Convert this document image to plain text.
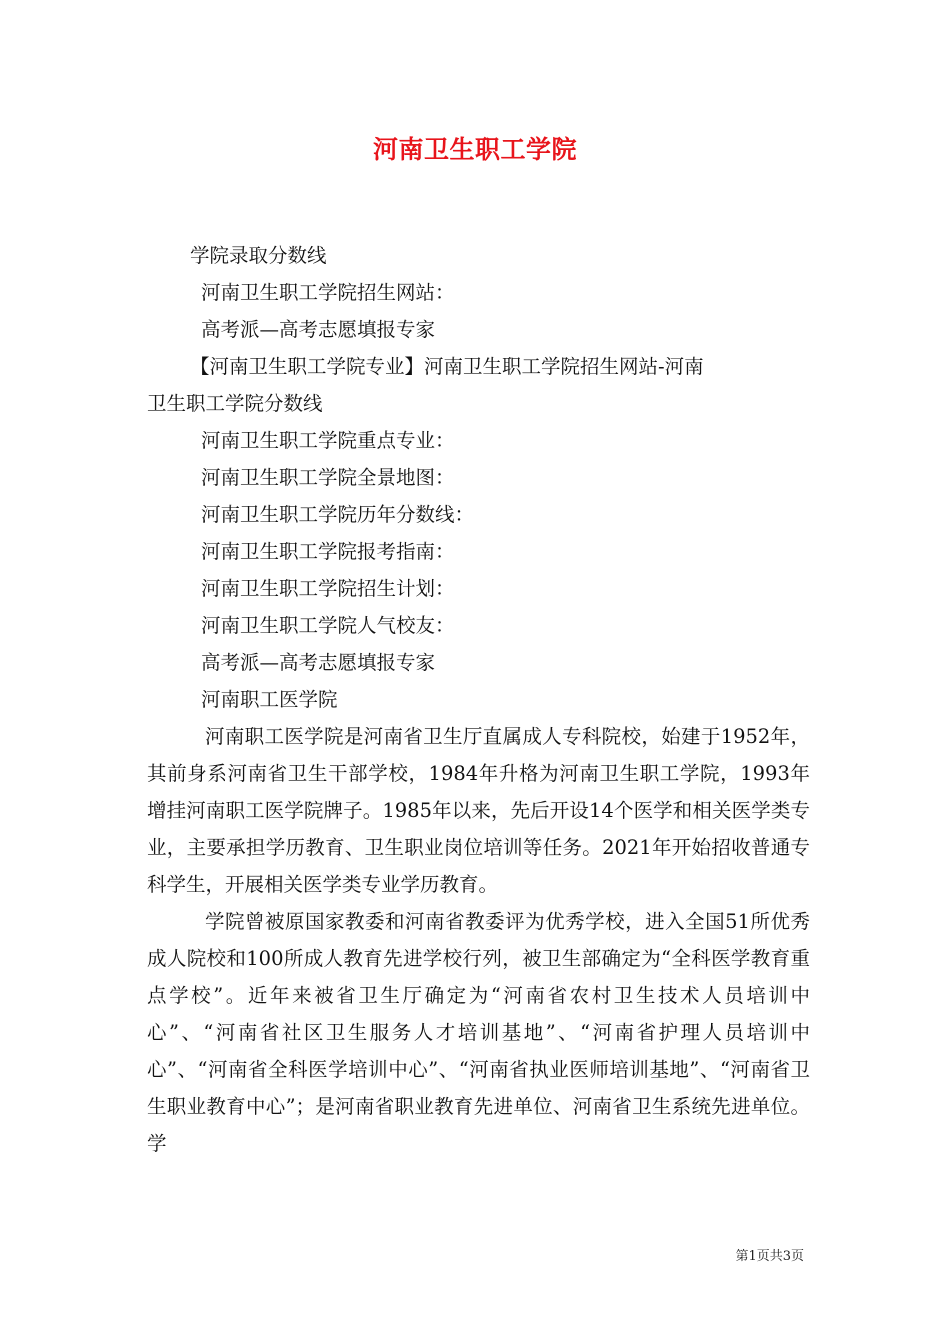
河南卫生职工学院

学院录取分数线

河南卫生职工学院招生网站：

高考派—高考志愿填报专家

【河南卫生职工学院专业】河南卫生职工学院招生网站-河南

卫生职工学院分数线

河南卫生职工学院重点专业：

河南卫生职工学院全景地图：

河南卫生职工学院历年分数线：

河南卫生职工学院报考指南：

河南卫生职工学院招生计划：

河南卫生职工学院人气校友：

高考派—高考志愿填报专家

河南职工医学院

河南职工医学院是河南省卫生厅直属成人专科院校，始建于1952年，其前身系河南省卫生干部学校，1984年升格为河南卫生职工学院，1993年增挂河南职工医学院牌子。1985年以来，先后开设14个医学和相关医学类专业，主要承担学历教育、卫生职业岗位培训等任务。2021年开始招收普通专科学生，开展相关医学类专业学历教育。

学院曾被原国家教委和河南省教委评为优秀学校，进入全国51所优秀成人院校和100所成人教育先进学校行列，被卫生部确定为“全科医学教育重点学校”。近年来被省卫生厅确定为“河南省农村卫生技术人员培训中心”、“河南省社区卫生服务人才培训基地”、“河南省护理人员培训中心”、“河南省全科医学培训中心”、“河南省执业医师培训基地”、“河南省卫生职业教育中心”；是河南省职业教育先进单位、河南省卫生系统先进单位。学

第1页共3页
